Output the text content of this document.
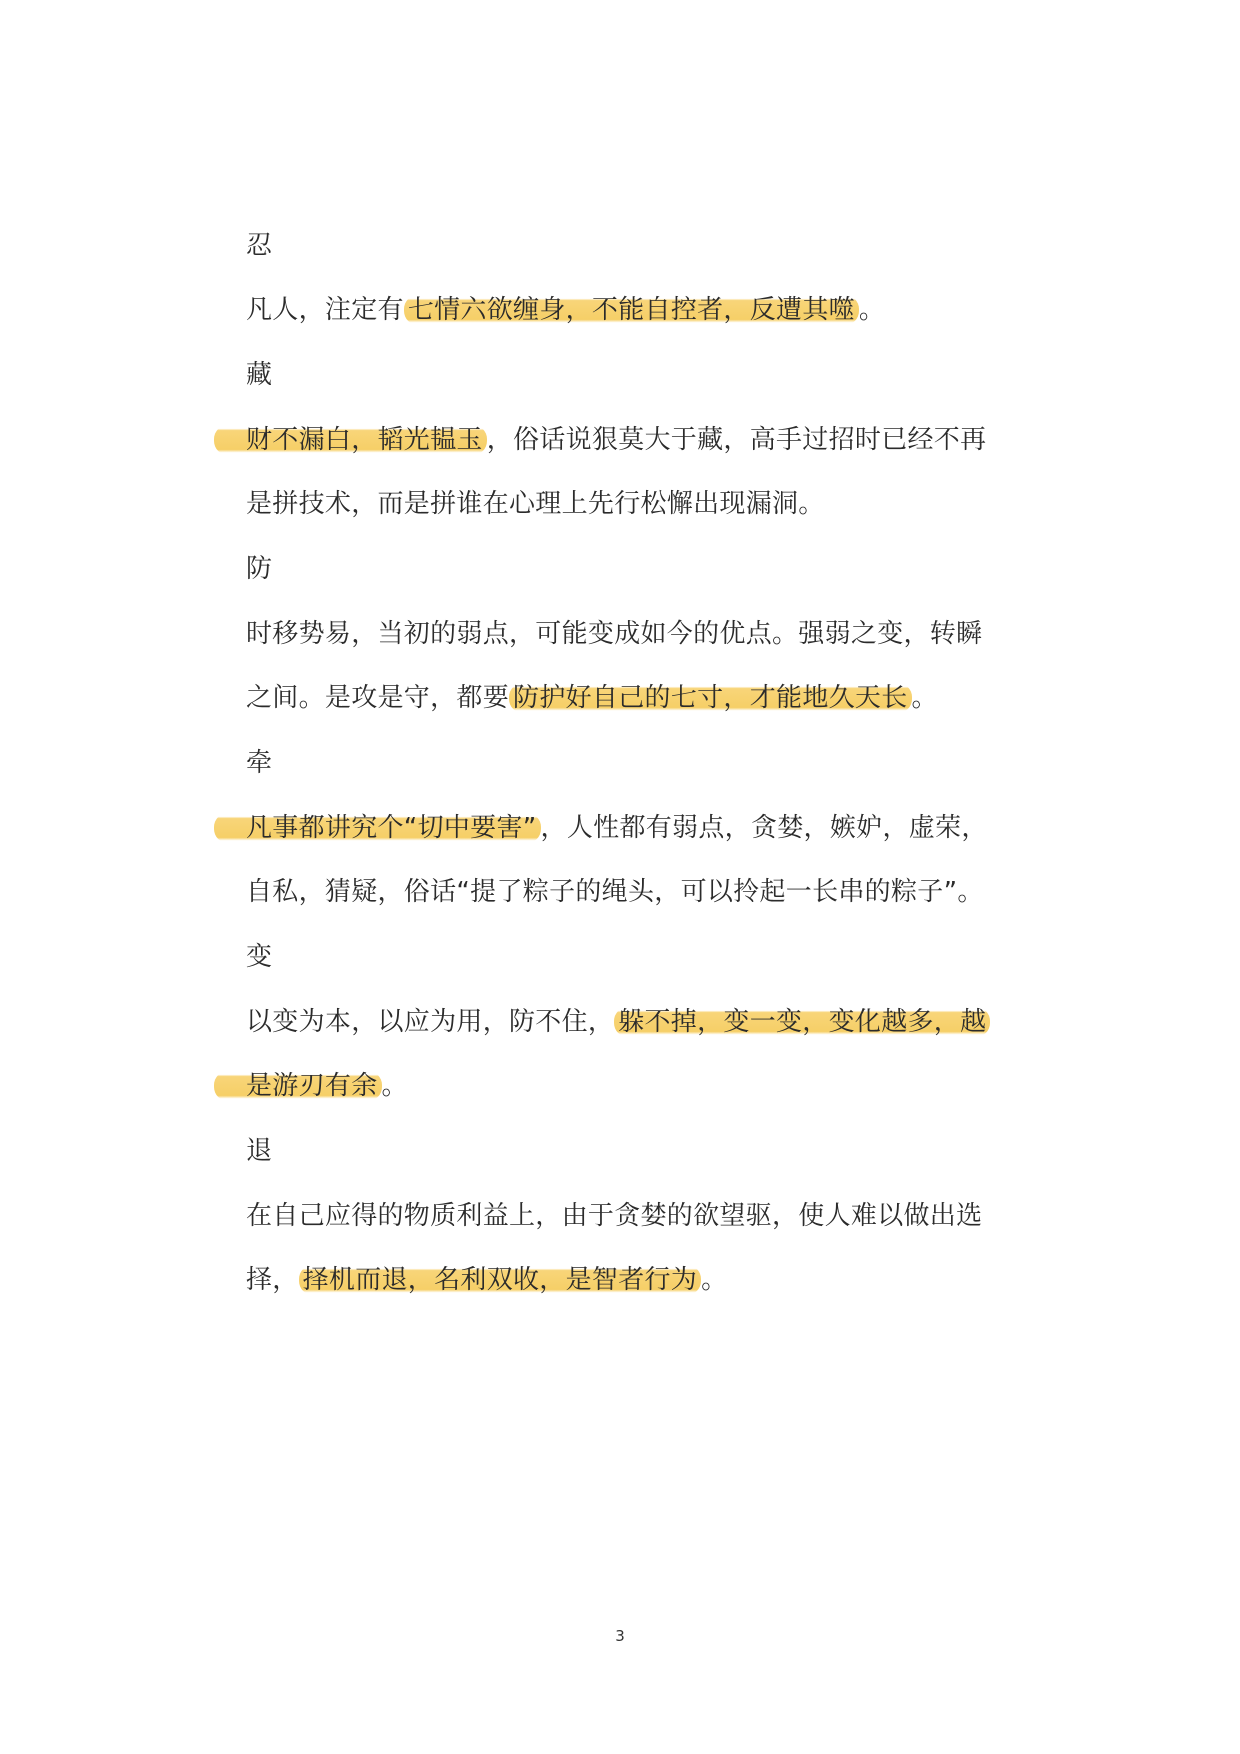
忍
凡人，注定有 七情六欲缠身，不能自控者，反遭其噬 。
藏
财不漏白，韬光韫玉 ，俗话说狠莫大于藏，高手过招时已经不再
是拼技术，而是拼谁在心理上先行松懈出现漏洞。
防
时移势易，当初的弱点，可能变成如今的优点。强弱之变，转瞬
之间。是攻是守，都要 防护好自己的七寸，才能地久天长 。
牵
凡事都讲究个“切中要害” ，人性都有弱点，贪婪，嫉妒，虚荣，
自私，猜疑，俗话“提了粽子的绳头，可以拎起一长串的粽子”。
变
以变为本，以应为用，防不住， 躲不掉，变一变，变化越多，越
是游刃有余 。
退
在自己应得的物质利益上，由于贪婪的欲望驱，使人难以做出选
择， 择机而退，名利双收，是智者行为 。
3
